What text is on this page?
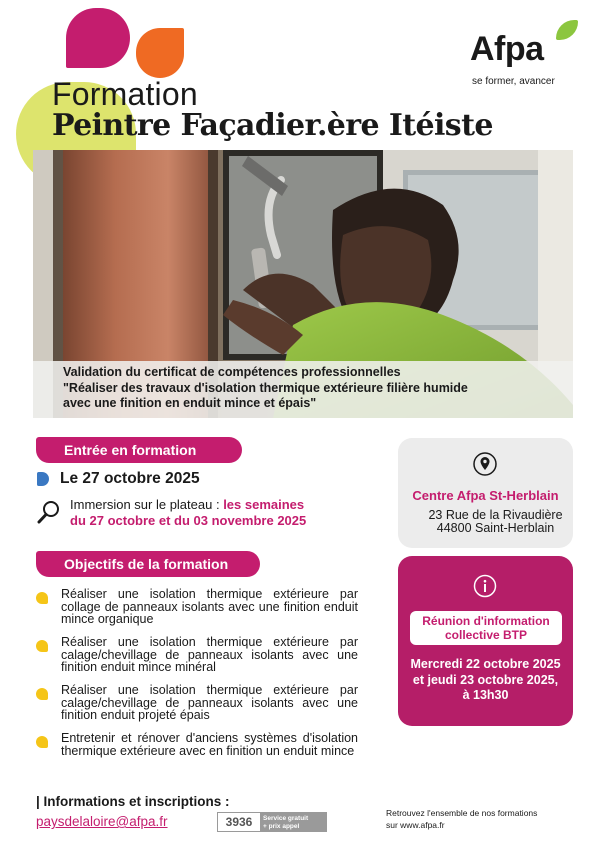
Formation
Peintre Façadier.ère Itéiste
Afpa
se former, avancer
Validation du certificat de compétences professionnelles
"Réaliser des travaux d'isolation thermique extérieure filière humide
avec une finition en enduit mince et épais"
Entrée en formation
Le 27 octobre 2025
Immersion sur le plateau : les semaines
du 27 octobre et du 03 novembre 2025
Objectifs de la formation
Réaliser une isolation thermique extérieure par collage de panneaux isolants avec une finition enduit mince organique
Réaliser une isolation thermique extérieure par calage/chevillage de panneaux isolants avec une finition enduit mince minéral
Réaliser une isolation thermique extérieure par calage/chevillage de panneaux isolants avec une finition enduit projeté épais
Entretenir et rénover d'anciens systèmes d'isolation thermique extérieure avec en finition un enduit mince
Centre Afpa St-Herblain
23 Rue de la Rivaudière
44800 Saint-Herblain
Réunion d'information
collective BTP
Mercredi 22 octobre 2025
et jeudi 23 octobre 2025,
à 13h30
| Informations et inscriptions :
paysdelaloire@afpa.fr	3936	Service gratuit
+ prix appel
Retrouvez l'ensemble de nos formations
sur www.afpa.fr
